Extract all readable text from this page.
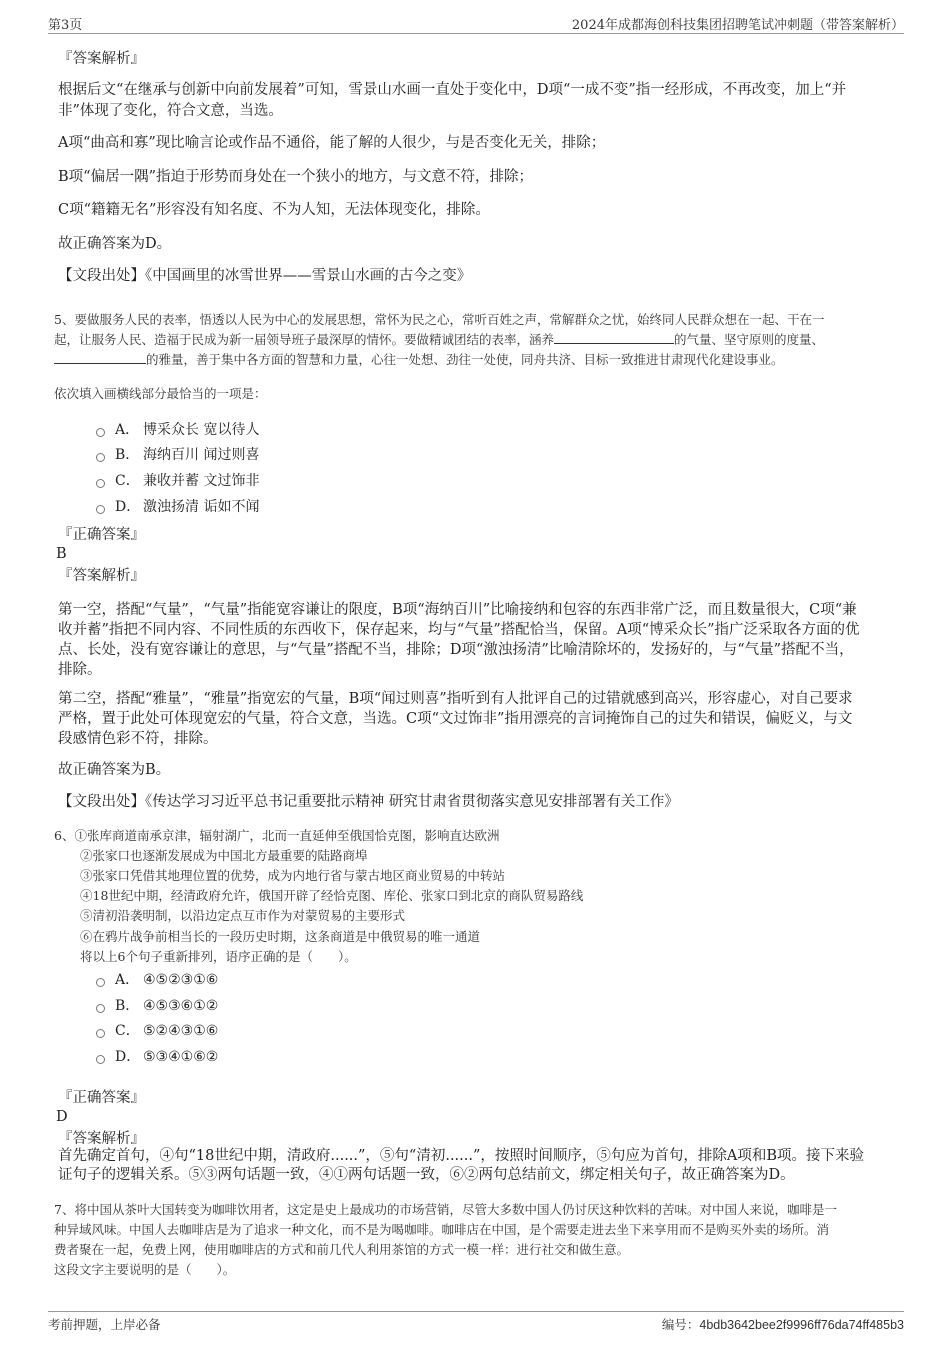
第3页	2024年成都海创科技集团招聘笔试冲刺题（带答案解析）
『答案解析』
根据后文“在继承与创新中向前发展着”可知，雪景山水画一直处于变化中，D项“一成不变”指一经形成，不再改变，加上“并
非”体现了变化，符合文意，当选。
A项“曲高和寡”现比喻言论或作品不通俗，能了解的人很少，与是否变化无关，排除；
B项“偏居一隅”指迫于形势而身处在一个狭小的地方，与文意不符，排除；
C项“籍籍无名”形容没有知名度、不为人知，无法体现变化，排除。
故正确答案为D。
【文段出处】《中国画里的冰雪世界——雪景山水画的古今之变》
5、要做服务人民的表率，悟透以人民为中心的发展思想，常怀为民之心，常听百姓之声，常解群众之忧，始终同人民群众想在一起、干在一
起，让服务人民、造福于民成为新一届领导班子最深厚的情怀。要做精诚团结的表率，涵养	的气量、坚守原则的度量、
的雅量，善于集中各方面的智慧和力量，心往一处想、劲往一处使，同舟共济、目标一致推进甘肃现代化建设事业。
依次填入画横线部分最恰当的一项是：
A． 博采众长 宽以待人
B． 海纳百川 闻过则喜
C． 兼收并蓄 文过饰非
D． 激浊扬清 诟如不闻
『正确答案』
B
『答案解析』
第一空，搭配“气量”，“气量”指能宽容谦让的限度，B项“海纳百川”比喻接纳和包容的东西非常广泛，而且数量很大，C项“兼
收并蓄”指把不同内容、不同性质的东西收下，保存起来，均与“气量”搭配恰当，保留。A项“博采众长”指广泛采取各方面的优
点、长处，没有宽容谦让的意思，与“气量”搭配不当，排除；D项“激浊扬清”比喻清除坏的，发扬好的，与“气量”搭配不当，
排除。
第二空，搭配“雅量”，“雅量”指宽宏的气量，B项“闻过则喜”指听到有人批评自己的过错就感到高兴，形容虚心，对自己要求
严格，置于此处可体现宽宏的气量，符合文意，当选。C项“文过饰非”指用漂亮的言词掩饰自己的过失和错误，偏贬义，与文
段感情色彩不符，排除。
故正确答案为B。
【文段出处】《传达学习习近平总书记重要批示精神 研究甘肃省贯彻落实意见安排部署有关工作》
6、①张库商道南承京津，辐射湖广，北而一直延伸至俄国恰克图，影响直达欧洲
②张家口也逐渐发展成为中国北方最重要的陆路商埠
③张家口凭借其地理位置的优势，成为内地行省与蒙古地区商业贸易的中转站
④18世纪中期，经清政府允许，俄国开辟了经恰克图、库伦、张家口到北京的商队贸易路线
⑤清初沿袭明制，以沿边定点互市作为对蒙贸易的主要形式
⑥在鸦片战争前相当长的一段历史时期，这条商道是中俄贸易的唯一通道
将以上6个句子重新排列，语序正确的是（　　）。
A． ④⑤②③①⑥
B． ④⑤③⑥①②
C． ⑤②④③①⑥
D． ⑤③④①⑥②
『正确答案』
D
『答案解析』
首先确定首句，④句“18世纪中期，清政府......”，⑤句“清初......”，按照时间顺序，⑤句应为首句，排除A项和B项。接下来验
证句子的逻辑关系。⑤③两句话题一致，④①两句话题一致，⑥②两句总结前文，绑定相关句子，故正确答案为D。
7、将中国从茶叶大国转变为咖啡饮用者，这定是史上最成功的市场营销，尽管大多数中国人仍讨厌这种饮料的苦味。对中国人来说，咖啡是一
种异域风味。中国人去咖啡店是为了追求一种文化，而不是为喝咖啡。咖啡店在中国，是个需要走进去坐下来享用而不是购买外卖的场所。消
费者聚在一起，免费上网，使用咖啡店的方式和前几代人利用茶馆的方式一模一样：进行社交和做生意。
这段文字主要说明的是（　　）。
考前押题，上岸必备	编号：4bdb3642bee2f9996ff76da74ff485b3
